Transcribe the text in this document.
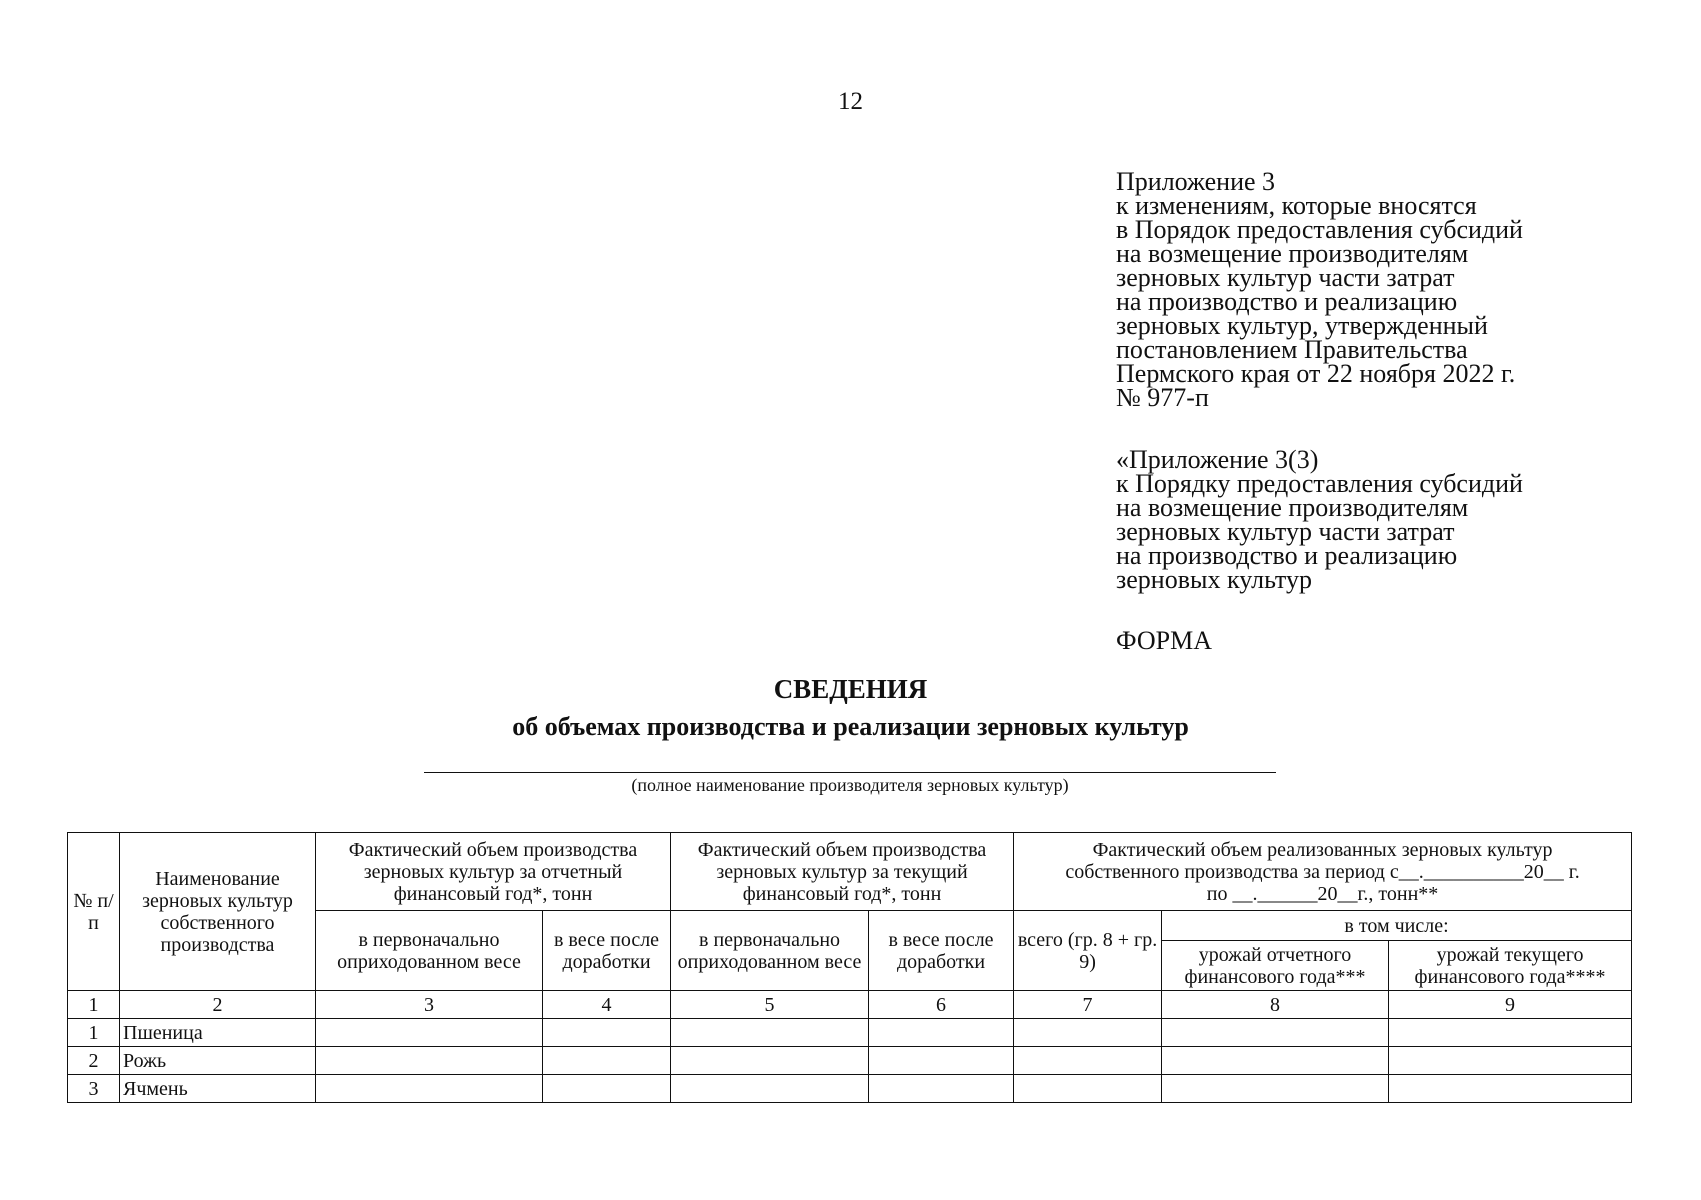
12
Приложение 3
к изменениям, которые вносятся
в Порядок предоставления субсидий
на возмещение производителям
зерновых культур части затрат
на производство и реализацию
зерновых культур, утвержденный
постановлением Правительства
Пермского края от 22 ноября 2022 г.
№ 977-п
«Приложение 3(3)
к Порядку предоставления субсидий
на возмещение производителям
зерновых культур части затрат
на производство и реализацию
зерновых культур
ФОРМА
СВЕДЕНИЯ
об объемах производства и реализации зерновых культур
(полное наименование производителя зерновых культур)
№ п/п	Наименование зерновых культур собственного производства	Фактический объем производства зерновых культур за отчетный финансовый год*, тонн		Фактический объем производства зерновых культур за текущий финансовый год*, тонн		Фактический объем реализованных зерновых культур
собственного производства за период с__.__________20__ г.
по __.______20__г., тонн**		

		в первоначально оприходованном весе	в весе после доработки	в первоначально оприходованном весе	в весе после доработки	всего (гр. 8 + гр. 9)	в том числе:	
							урожай отчетного финансового года***	урожай текущего финансового года****
1	2	3	4	5	6	7	8	9
1	Пшеница							
2	Рожь							
3	Ячмень							
